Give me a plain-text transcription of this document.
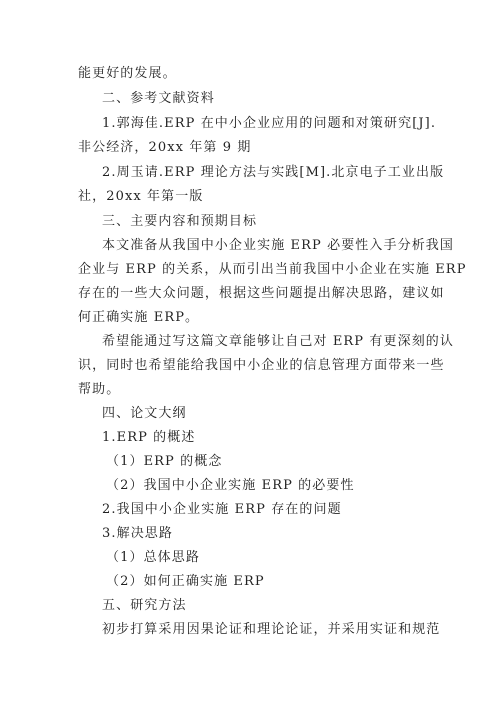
能更好的发展。
二、参考文献资料
1.郭海佳.ERP 在中小企业应用的问题和对策研究[J].
非公经济，20xx 年第 9 期
2.周玉请.ERP 理论方法与实践[M].北京电子工业出版
社，20xx 年第一版
三、主要内容和预期目标
本文准备从我国中小企业实施 ERP 必要性入手分析我国
企业与 ERP 的关系，从而引出当前我国中小企业在实施 ERP
存在的一些大众问题，根据这些问题提出解决思路，建议如
何正确实施 ERP。
希望能通过写这篇文章能够让自己对 ERP 有更深刻的认
识，同时也希望能给我国中小企业的信息管理方面带来一些
帮助。
四、论文大纲
1.ERP 的概述
（1）ERP 的概念
（2）我国中小企业实施 ERP 的必要性
2.我国中小企业实施 ERP 存在的问题
3.解决思路
（1）总体思路
（2）如何正确实施 ERP
五、研究方法
初步打算采用因果论证和理论论证，并采用实证和规范
